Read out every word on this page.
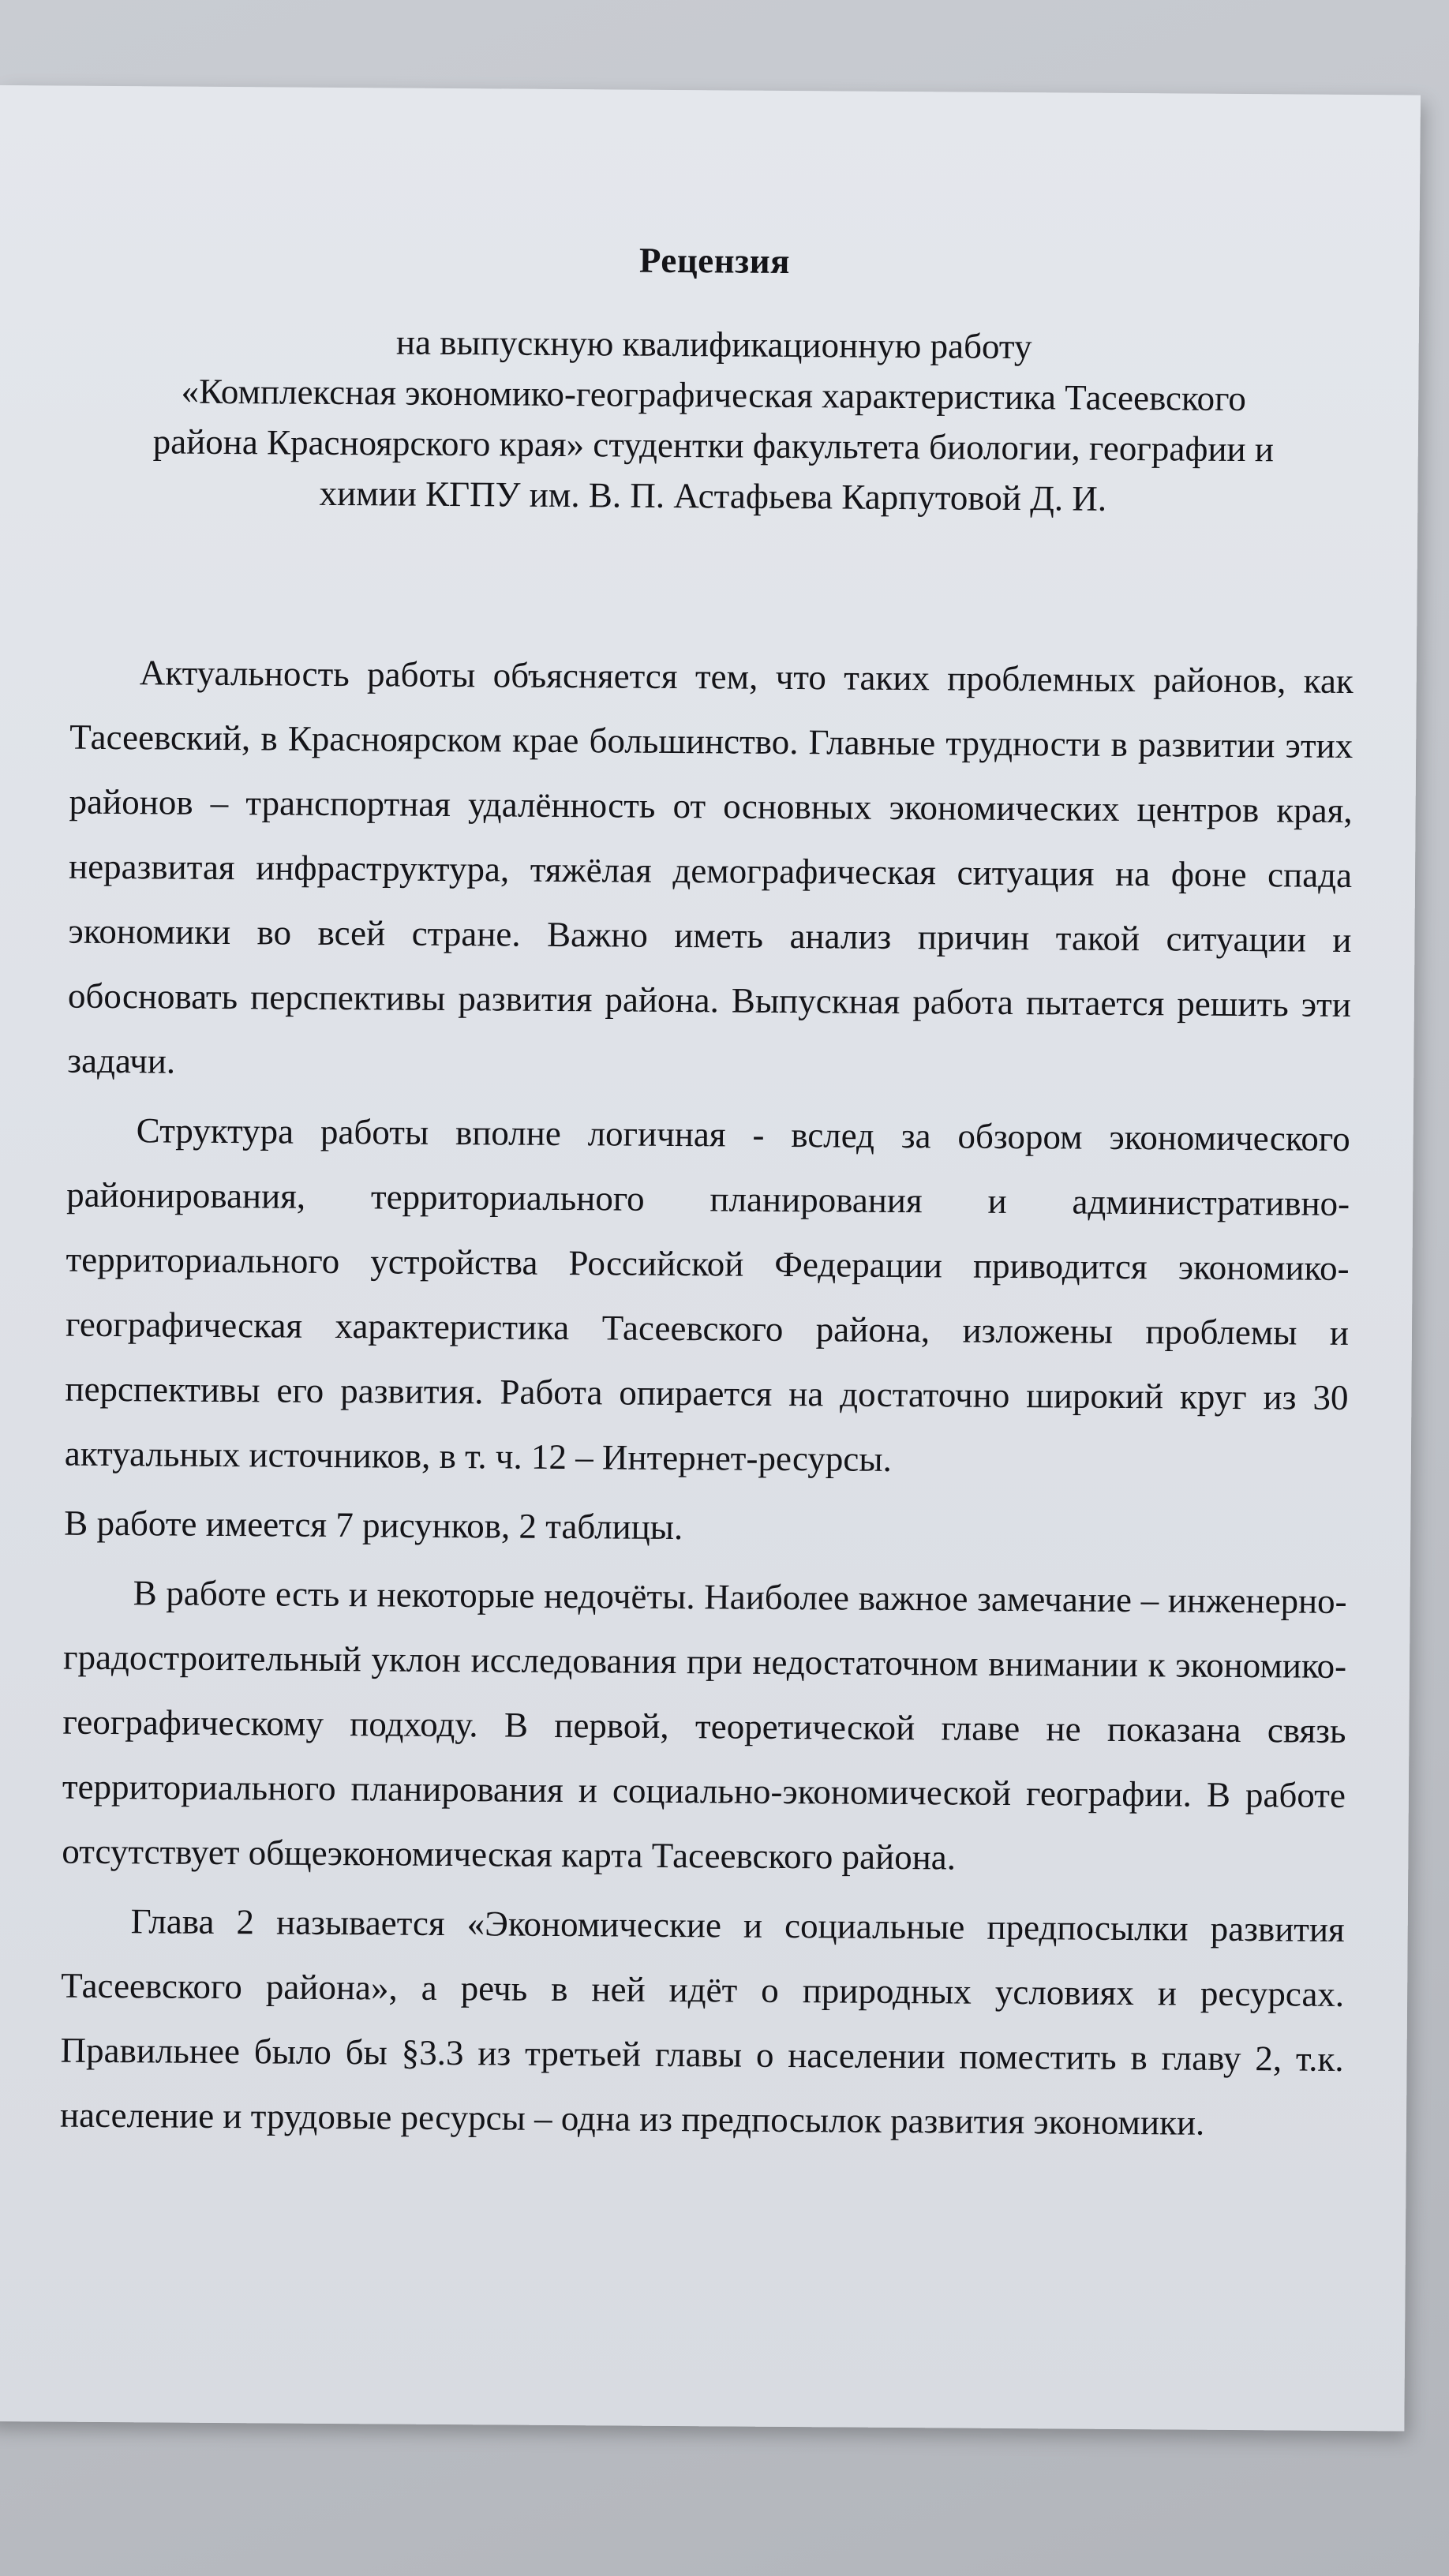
Рецензия
на выпускную квалификационную работу
«Комплексная экономико-географическая характеристика Тасеевского
района Красноярского края» студентки факультета биологии, географии и
химии КГПУ им. В. П. Астафьева Карпутовой Д. И.

Актуальность работы объясняется тем, что таких проблемных районов, как Тасеевский, в Красноярском крае большинство. Главные трудности в развитии этих районов – транспортная удалённость от основных экономических центров края, неразвитая инфраструктура, тяжёлая демографическая ситуация на фоне спада экономики во всей стране. Важно иметь анализ причин такой ситуации и обосновать перспективы развития района. Выпускная работа пытается решить эти задачи.

Структура работы вполне логичная - вслед за обзором экономического районирования, территориального планирования и административно-территориального устройства Российской Федерации приводится экономико-географическая характеристика Тасеевского района, изложены проблемы и перспективы его развития. Работа опирается на достаточно широкий круг из 30 актуальных источников, в т. ч. 12 – Интернет-ресурсы.

В работе имеется 7 рисунков, 2 таблицы.

В работе есть и некоторые недочёты. Наиболее важное замечание – инженерно-градостроительный уклон исследования при недостаточном внимании к экономико-географическому подходу. В первой, теоретической главе не показана связь территориального планирования и социально-экономической географии. В работе отсутствует общеэкономическая карта Тасеевского района.

Глава 2 называется «Экономические и социальные предпосылки развития Тасеевского района», а речь в ней идёт о природных условиях и ресурсах. Правильнее было бы §3.3 из третьей главы о населении поместить в главу 2, т.к. население и трудовые ресурсы – одна из предпосылок развития экономики.
